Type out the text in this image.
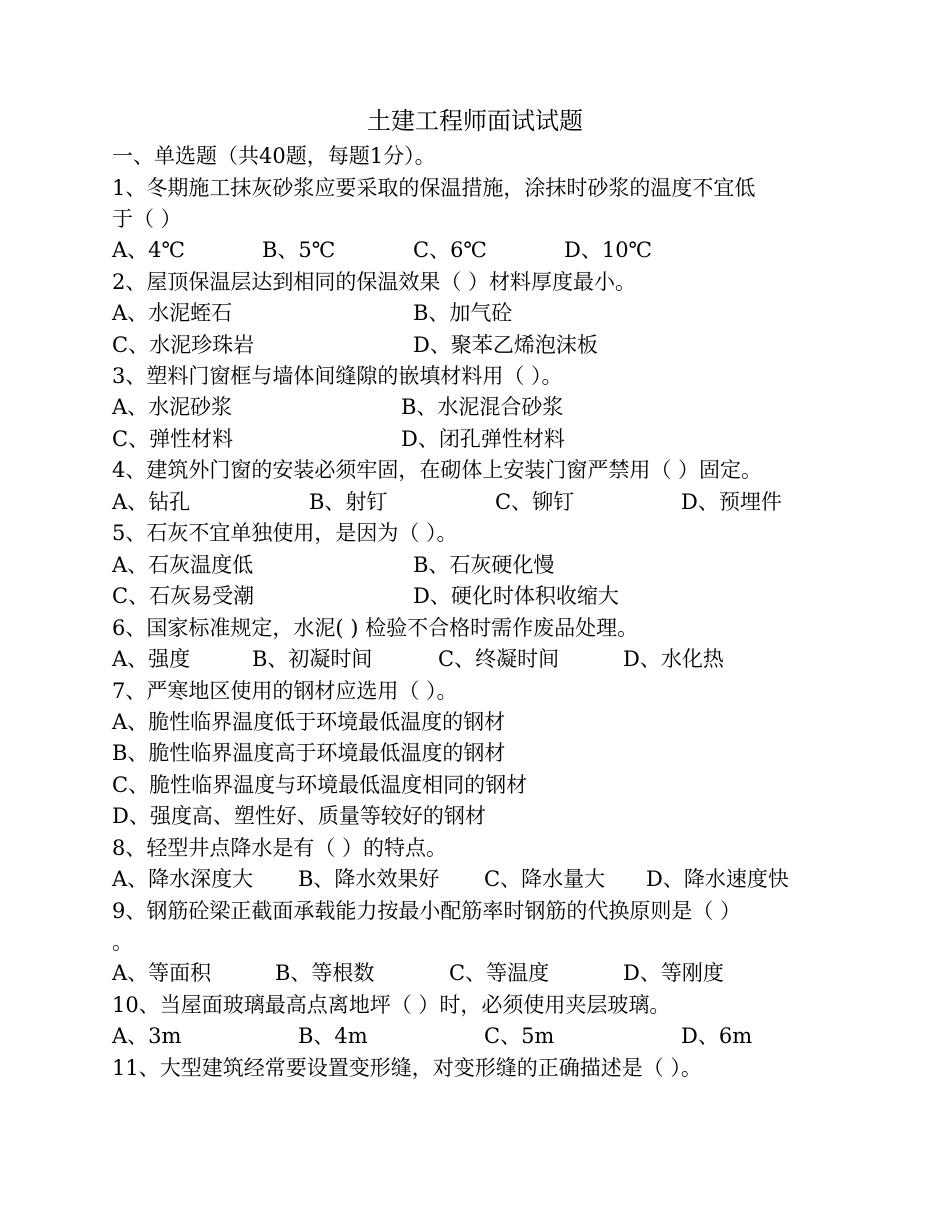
土建工程师面试试题
一、单选题（共40题，每题1分）。
1、冬期施工抹灰砂浆应要采取的保温措施，涂抹时砂浆的温度不宜低
于（ ）
A、4℃	B、5℃	C、6℃	D、10℃
2、屋顶保温层达到相同的保温效果（ ）材料厚度最小。
A、水泥蛭石	B、加气砼
C、水泥珍珠岩	D、聚苯乙烯泡沫板
3、塑料门窗框与墙体间缝隙的嵌填材料用（ ）。
A、水泥砂浆	B、水泥混合砂浆
C、弹性材料	D、闭孔弹性材料
4、建筑外门窗的安装必须牢固，在砌体上安装门窗严禁用（ ）固定。
A、钻孔	B、射钉	C、铆钉	D、预埋件
5、石灰不宜单独使用，是因为（ ）。
A、石灰温度低	B、石灰硬化慢
C、石灰易受潮	D、硬化时体积收缩大
6、国家标准规定，水泥( ) 检验不合格时需作废品处理。
A、强度	B、初凝时间	C、终凝时间	D、水化热
7、严寒地区使用的钢材应选用（ ）。
A、脆性临界温度低于环境最低温度的钢材
B、脆性临界温度高于环境最低温度的钢材
C、脆性临界温度与环境最低温度相同的钢材
D、强度高、塑性好、质量等较好的钢材
8、轻型井点降水是有（ ）的特点。
A、降水深度大 B、降水效果好 C、降水量大 D、降水速度快
9、钢筋砼梁正截面承载能力按最小配筋率时钢筋的代换原则是（ ）
。
A、等面积	B、等根数	C、等温度	D、等刚度
10、当屋面玻璃最高点离地坪（ ）时，必须使用夹层玻璃。
A、3m	B、4m	C、5m	D、6m
11、大型建筑经常要设置变形缝，对变形缝的正确描述是（ ）。
